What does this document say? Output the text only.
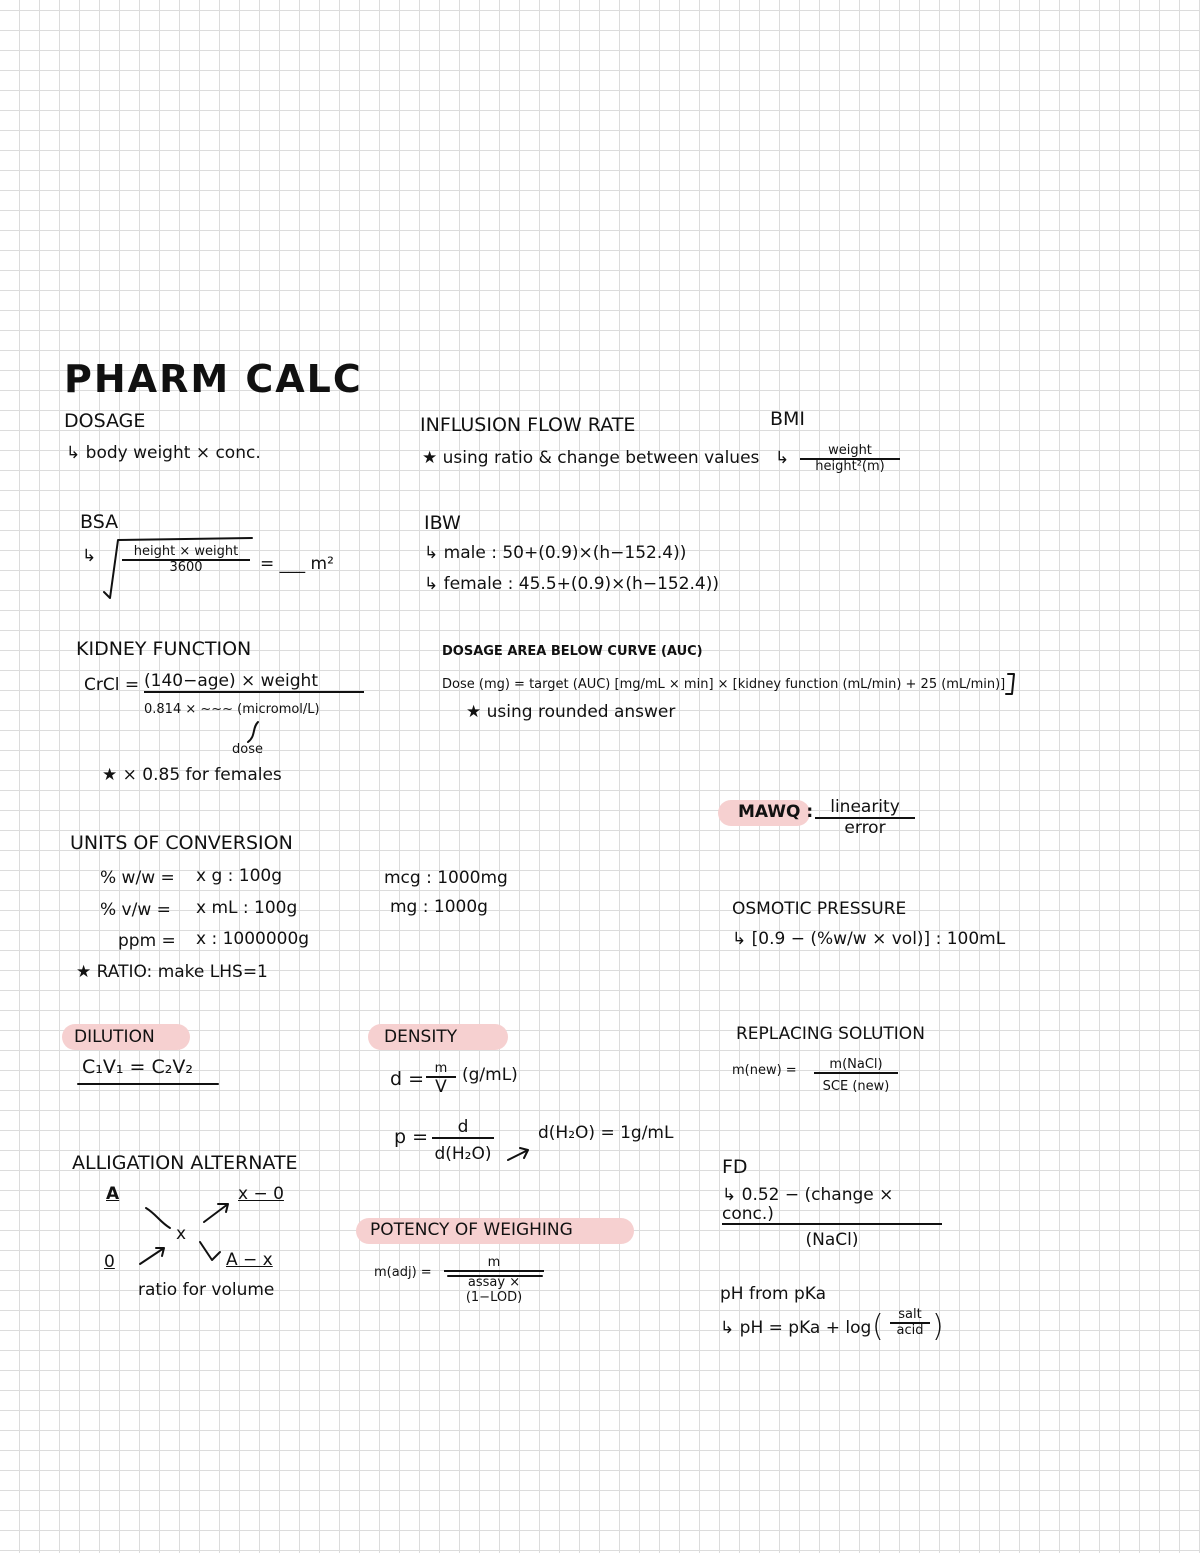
PHARM CALC
DOSAGE
↳ body weight × conc.
INFLUSION FLOW RATE
★ using ratio & change between values
BMI
↳	weight
height²(m)
BSA
↳	height × weight
3600	= ___ m²
IBW
↳ male : 50+(0.9)×(h−152.4))
↳ female : 45.5+(0.9)×(h−152.4))
KIDNEY FUNCTION
CrCl = (140−age) × weight
0.814 × ~~~ (micromol/L)
dose
★ × 0.85 for females
DOSAGE AREA BELOW CURVE (AUC)
Dose (mg) = target (AUC) [mg/mL × min] × [kidney function (mL/min) + 25 (mL/min)]
★ using rounded answer
MAWQ : linearity
error
UNITS OF CONVERSION
% w/w = x g : 100g
% v/w = x mL : 100g
ppm = x : 1000000g
★ RATIO: make LHS=1
mcg : 1000mg
mg : 1000g	OSMOTIC PRESSURE
↳ [0.9 − (%w/w × vol)] : 100mL
DILUTION
C₁V₁ = C₂V₂
DENSITY
d = m
V
(g/mL)
$p = \frac{d}{\text{d(H₂O)}}$	d(H₂O) = 1g/mL
REPLACING SOLUTION
m(new) =	m(NaCl)
SCE (new)
ALLIGATION ALTERNATE
A
x
0
x − 0
A − x
ratio for volume
POTENCY OF WEIGHING
m(adj) =
m
assay × (1−LOD)
FD
↳ 0.52 − (change × conc.)
(NaCl)
pH from pKa
↳ pH = pKa + log (	salt
acid )
